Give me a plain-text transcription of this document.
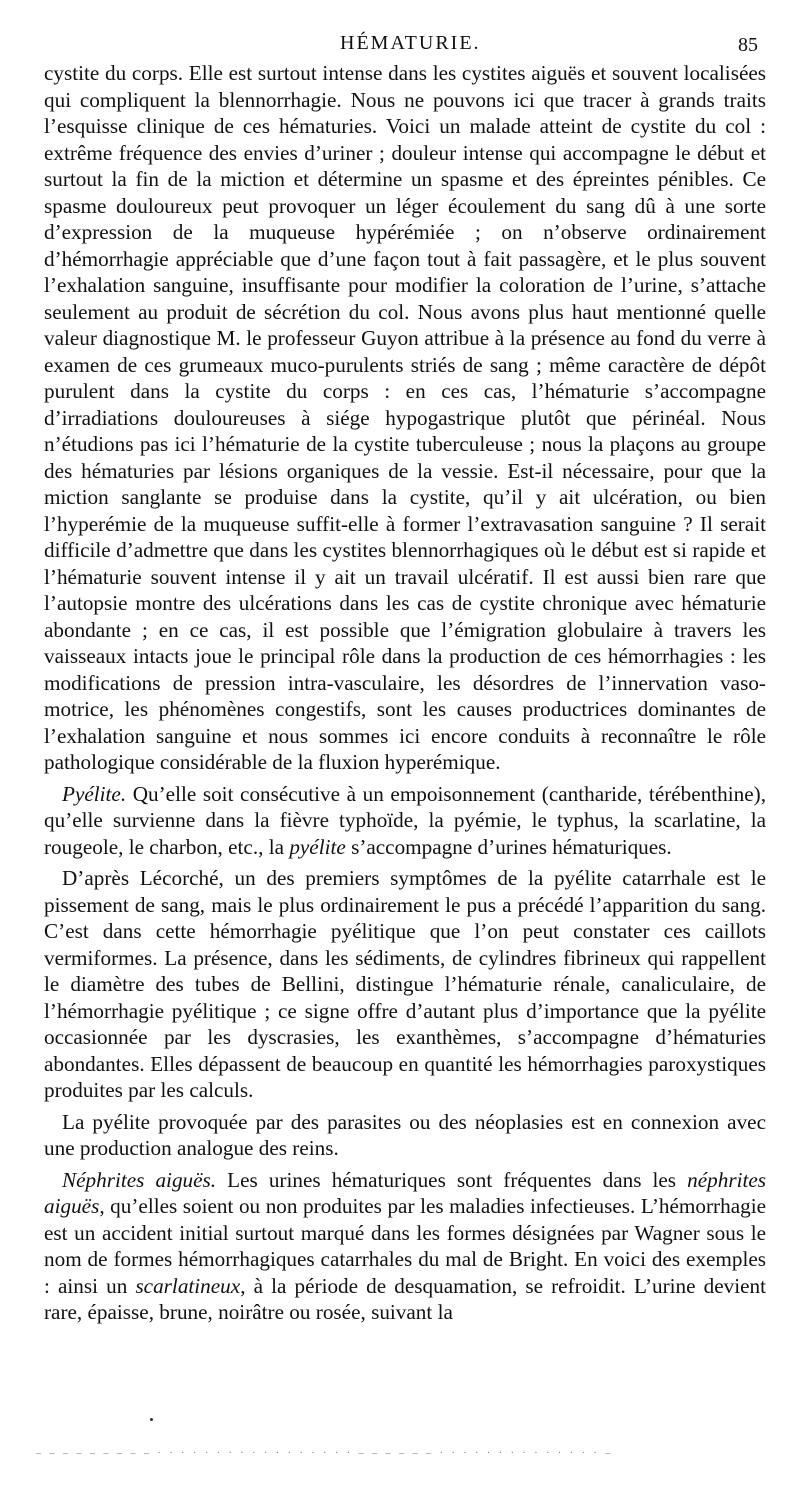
HÉMATURIE.	85

cystite du corps. Elle est surtout intense dans les cystites aiguës et souvent localisées qui compliquent la blennorrhagie. Nous ne pouvons ici que tracer à grands traits l’esquisse clinique de ces hématuries. Voici un malade atteint de cystite du col : extrême fréquence des envies d’uriner ; douleur intense qui accompagne le début et surtout la fin de la miction et détermine un spasme et des épreintes pénibles. Ce spasme douloureux peut provoquer un léger écoulement du sang dû à une sorte d’expression de la muqueuse hypérémiée ; on n’observe ordinairement d’hémorrhagie appréciable que d’une façon tout à fait passagère, et le plus souvent l’exhalation sanguine, insuffisante pour modifier la coloration de l’urine, s’attache seulement au produit de sécrétion du col. Nous avons plus haut mentionné quelle valeur diagnostique M. le professeur Guyon attribue à la présence au fond du verre à examen de ces grumeaux muco-purulents striés de sang ; même caractère de dépôt purulent dans la cystite du corps : en ces cas, l’hématurie s’accompagne d’irradiations douloureuses à siége hypogastrique plutôt que périnéal. Nous n’étudions pas ici l’hématurie de la cystite tuberculeuse ; nous la plaçons au groupe des hématuries par lésions organiques de la vessie. Est-il nécessaire, pour que la miction sanglante se produise dans la cystite, qu’il y ait ulcération, ou bien l’hyperémie de la muqueuse suffit-elle à former l’extravasation sanguine ? Il serait difficile d’admettre que dans les cystites blennorrhagiques où le début est si rapide et l’hématurie souvent intense il y ait un travail ulcératif. Il est aussi bien rare que l’autopsie montre des ulcérations dans les cas de cystite chronique avec hématurie abondante ; en ce cas, il est possible que l’émigration globulaire à travers les vaisseaux intacts joue le principal rôle dans la production de ces hémorrhagies : les modifications de pression intra-vasculaire, les désordres de l’innervation vaso-motrice, les phénomènes congestifs, sont les causes productrices dominantes de l’exhalation sanguine et nous sommes ici encore conduits à reconnaître le rôle pathologique considérable de la fluxion hyperémique.

Pyélite. Qu’elle soit consécutive à un empoisonnement (cantharide, térébenthine), qu’elle survienne dans la fièvre typhoïde, la pyémie, le typhus, la scarlatine, la rougeole, le charbon, etc., la pyélite s’accompagne d’urines hématuriques.

D’après Lécorché, un des premiers symptômes de la pyélite catarrhale est le pissement de sang, mais le plus ordinairement le pus a précédé l’apparition du sang. C’est dans cette hémorrhagie pyélitique que l’on peut constater ces caillots vermiformes. La présence, dans les sédiments, de cylindres fibrineux qui rappellent le diamètre des tubes de Bellini, distingue l’hématurie rénale, canaliculaire, de l’hémorrhagie pyélitique ; ce signe offre d’autant plus d’importance que la pyélite occasionnée par les dyscrasies, les exanthèmes, s’accompagne d’hématuries abondantes. Elles dépassent de beaucoup en quantité les hémorrhagies paroxystiques produites par les calculs.

La pyélite provoquée par des parasites ou des néoplasies est en connexion avec une production analogue des reins.

Néphrites aiguës. Les urines hématuriques sont fréquentes dans les néphrites aiguës, qu’elles soient ou non produites par les maladies infectieuses. L’hémorrhagie est un accident initial surtout marqué dans les formes désignées par Wagner sous le nom de formes hémorrhagiques catarrhales du mal de Bright. En voici des exemples : ainsi un scarlatineux, à la période de desquamation, se refroidit. L’urine devient rare, épaisse, brune, noirâtre ou rosée, suivant la

‒ ‒ ‒ ‒ ‒ ‒ ‒ ‒ ‒ · · · · · · · · · · · · · · · · · ‒ ‒ ‒ ‒ ‒ ‒ · · · · · · · · · · · · · · ‒
